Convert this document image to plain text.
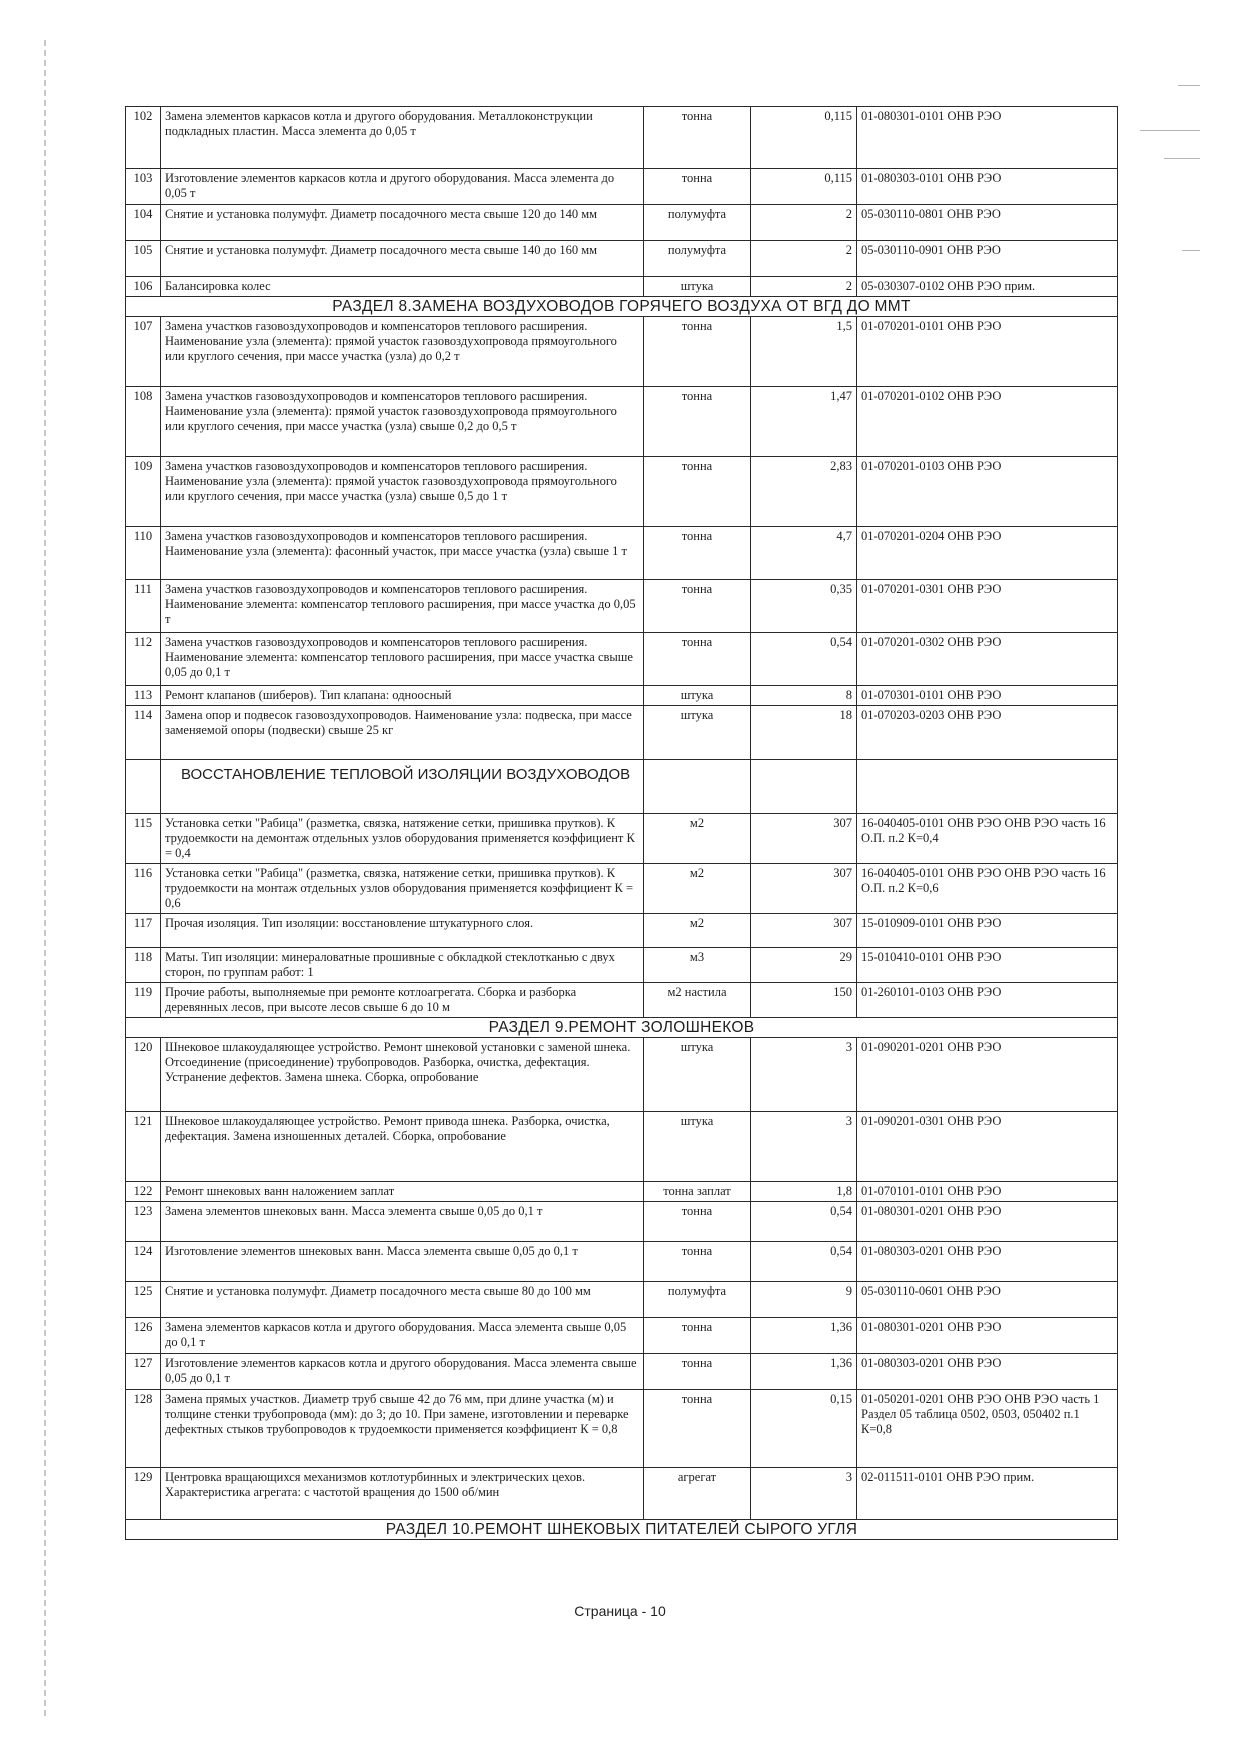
102	Замена элементов каркасов котла и другого оборудования. Металлоконструкции подкладных пластин. Масса элемента до 0,05 т	тонна	0,115	01-080301-0101 ОНВ РЭО
103	Изготовление элементов каркасов котла и другого оборудования. Масса элемента до 0,05 т	тонна	0,115	01-080303-0101 ОНВ РЭО
104	Снятие и установка полумуфт. Диаметр посадочного места свыше 120 до 140 мм	полумуфта	2	05-030110-0801 ОНВ РЭО
105	Снятие и установка полумуфт. Диаметр посадочного места свыше 140 до 160 мм	полумуфта	2	05-030110-0901 ОНВ РЭО
106	Балансировка колес	штука	2	05-030307-0102 ОНВ РЭО прим.
РАЗДЕЛ 8.ЗАМЕНА ВОЗДУХОВОДОВ ГОРЯЧЕГО ВОЗДУХА ОТ ВГД ДО ММТ				
107	Замена участков газовоздухопроводов и компенсаторов теплового расширения. Наименование узла (элемента): прямой участок газовоздухопровода прямоугольного или круглого сечения, при массе участка (узла) до 0,2 т	тонна	1,5	01-070201-0101 ОНВ РЭО
108	Замена участков газовоздухопроводов и компенсаторов теплового расширения. Наименование узла (элемента): прямой участок газовоздухопровода прямоугольного или круглого сечения, при массе участка (узла) свыше 0,2 до 0,5 т	тонна	1,47	01-070201-0102 ОНВ РЭО
109	Замена участков газовоздухопроводов и компенсаторов теплового расширения. Наименование узла (элемента): прямой участок газовоздухопровода прямоугольного или круглого сечения, при массе участка (узла) свыше 0,5 до 1 т	тонна	2,83	01-070201-0103 ОНВ РЭО
110	Замена участков газовоздухопроводов и компенсаторов теплового расширения. Наименование узла (элемента): фасонный участок, при массе участка (узла) свыше 1 т	тонна	4,7	01-070201-0204 ОНВ РЭО
111	Замена участков газовоздухопроводов и компенсаторов теплового расширения. Наименование элемента: компенсатор теплового расширения, при массе участка до 0,05 т	тонна	0,35	01-070201-0301 ОНВ РЭО
112	Замена участков газовоздухопроводов и компенсаторов теплового расширения. Наименование элемента: компенсатор теплового расширения, при массе участка свыше 0,05 до 0,1 т	тонна	0,54	01-070201-0302 ОНВ РЭО
113	Ремонт клапанов (шиберов). Тип клапана: одноосный	штука	8	01-070301-0101 ОНВ РЭО
114	Замена опор и подвесок газовоздухопроводов. Наименование узла: подвеска, при массе заменяемой опоры (подвески) свыше 25 кг	штука	18	01-070203-0203 ОНВ РЭО
	ВОССТАНОВЛЕНИЕ ТЕПЛОВОЙ ИЗОЛЯЦИИ ВОЗДУХОВОДОВ			
115	Установка сетки "Рабица" (разметка, связка, натяжение сетки, пришивка прутков). К трудоемкости на демонтаж отдельных узлов оборудования применяется коэффициент К = 0,4	м2	307	16-040405-0101 ОНВ РЭО ОНВ РЭО часть 16 О.П. п.2 К=0,4
116	Установка сетки "Рабица" (разметка, связка, натяжение сетки, пришивка прутков). К трудоемкости на монтаж отдельных узлов оборудования применяется коэффициент К = 0,6	м2	307	16-040405-0101 ОНВ РЭО ОНВ РЭО часть 16 О.П. п.2 К=0,6
117	Прочая изоляция. Тип изоляции: восстановление штукатурного слоя.	м2	307	15-010909-0101 ОНВ РЭО
118	Маты. Тип изоляции: минераловатные прошивные с обкладкой стеклотканью с двух сторон, по группам работ: 1	м3	29	15-010410-0101 ОНВ РЭО
119	Прочие работы, выполняемые при ремонте котлоагрегата. Сборка и разборка деревянных лесов, при высоте лесов свыше 6 до 10 м	м2 настила	150	01-260101-0103 ОНВ РЭО
РАЗДЕЛ 9.РЕМОНТ ЗОЛОШНЕКОВ				
120	Шнековое шлакоудаляющее устройство. Ремонт шнековой установки с заменой шнека. Отсоединение (присоединение) трубопроводов. Разборка, очистка, дефектация. Устранение дефектов. Замена шнека. Сборка, опробование	штука	3	01-090201-0201 ОНВ РЭО
121	Шнековое шлакоудаляющее устройство. Ремонт привода шнека. Разборка, очистка, дефектация. Замена изношенных деталей. Сборка, опробование	штука	3	01-090201-0301 ОНВ РЭО
122	Ремонт шнековых ванн наложением заплат	тонна заплат	1,8	01-070101-0101 ОНВ РЭО
123	Замена элементов шнековых ванн. Масса элемента свыше 0,05 до 0,1 т	тонна	0,54	01-080301-0201 ОНВ РЭО
124	Изготовление элементов шнековых ванн. Масса элемента свыше 0,05 до 0,1 т	тонна	0,54	01-080303-0201 ОНВ РЭО
125	Снятие и установка полумуфт. Диаметр посадочного места свыше 80 до 100 мм	полумуфта	9	05-030110-0601 ОНВ РЭО
126	Замена элементов каркасов котла и другого оборудования. Масса элемента свыше 0,05 до 0,1 т	тонна	1,36	01-080301-0201 ОНВ РЭО
127	Изготовление элементов каркасов котла и другого оборудования. Масса элемента свыше 0,05 до 0,1 т	тонна	1,36	01-080303-0201 ОНВ РЭО
128	Замена прямых участков. Диаметр труб свыше 42 до 76 мм, при длине участка (м) и толщине стенки трубопровода (мм): до 3; до 10. При замене, изготовлении и переварке дефектных стыков трубопроводов к трудоемкости применяется коэффициент К = 0,8	тонна	0,15	01-050201-0201 ОНВ РЭО ОНВ РЭО часть 1 Раздел 05 таблица 0502, 0503, 050402 п.1 К=0,8
129	Центровка вращающихся механизмов котлотурбинных и электрических цехов. Характеристика агрегата: с частотой вращения до 1500 об/мин	агрегат	3	02-011511-0101 ОНВ РЭО прим.
РАЗДЕЛ 10.РЕМОНТ ШНЕКОВЫХ ПИТАТЕЛЕЙ СЫРОГО УГЛЯ				
Страница - 10
